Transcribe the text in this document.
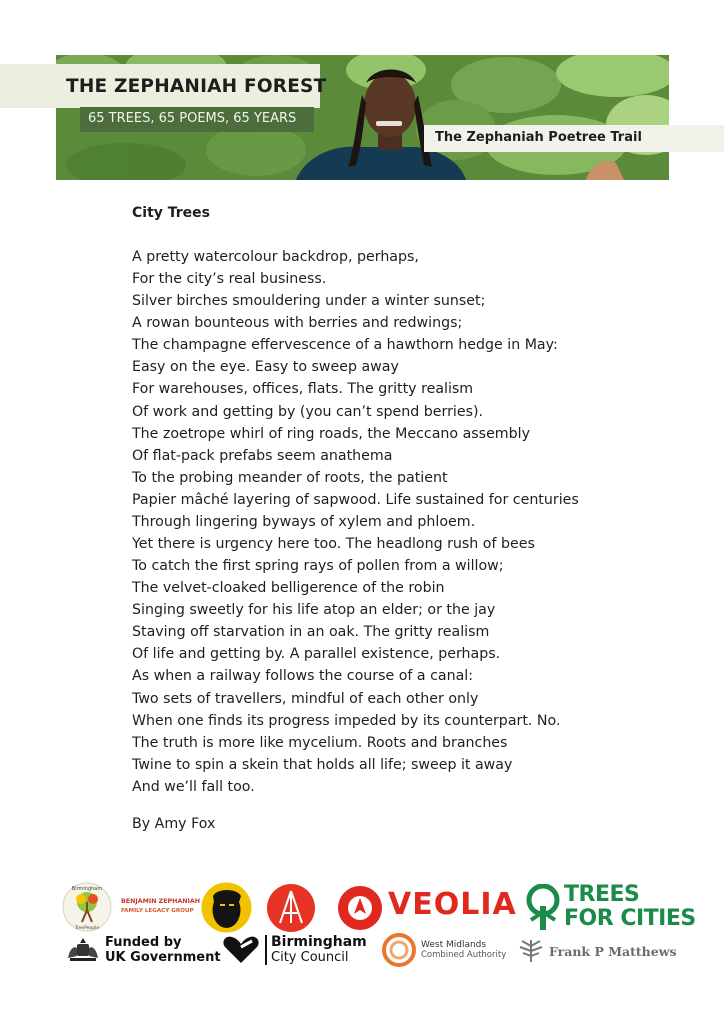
THE ZEPHANIAH FOREST
65 TREES, 65 POEMS, 65 YEARS
The Zephaniah Poetree Trail
City Trees
A pretty watercolour backdrop, perhaps,
For the city’s real business.
Silver birches smouldering under a winter sunset;
A rowan bounteous with berries and redwings;
The champagne effervescence of a hawthorn hedge in May:
Easy on the eye. Easy to sweep away
For warehouses, offices, flats. The gritty realism
Of work and getting by (you can’t spend berries).
The zoetrope whirl of ring roads, the Meccano assembly
Of flat-pack prefabs seem anathema
To the probing meander of roots, the patient
Papier mâché layering of sapwood. Life sustained for centuries
Through lingering byways of xylem and phloem.
Yet there is urgency here too. The headlong rush of bees
To catch the first spring rays of pollen from a willow;
The velvet-cloaked belligerence of the robin
Singing sweetly for his life atop an elder; or the jay
Staving off starvation in an oak. The gritty realism
Of life and getting by. A parallel existence, perhaps.
As when a railway follows the course of a canal:
Two sets of travellers, mindful of each other only
When one finds its progress impeded by its counterpart. No.
The truth is more like mycelium. Roots and branches
Twine to spin a skein that holds all life; sweep it away
And we’ll fall too.
By Amy Fox
Birmingham
TreePeople
BENJAMIN ZEPHANIAH
FAMILY LEGACY GROUP	VEOLIA TREES
FOR CITIES
Funded by
UK Government
Birmingham
City Council
West Midlands
Combined Authority	Frank P Matthews
